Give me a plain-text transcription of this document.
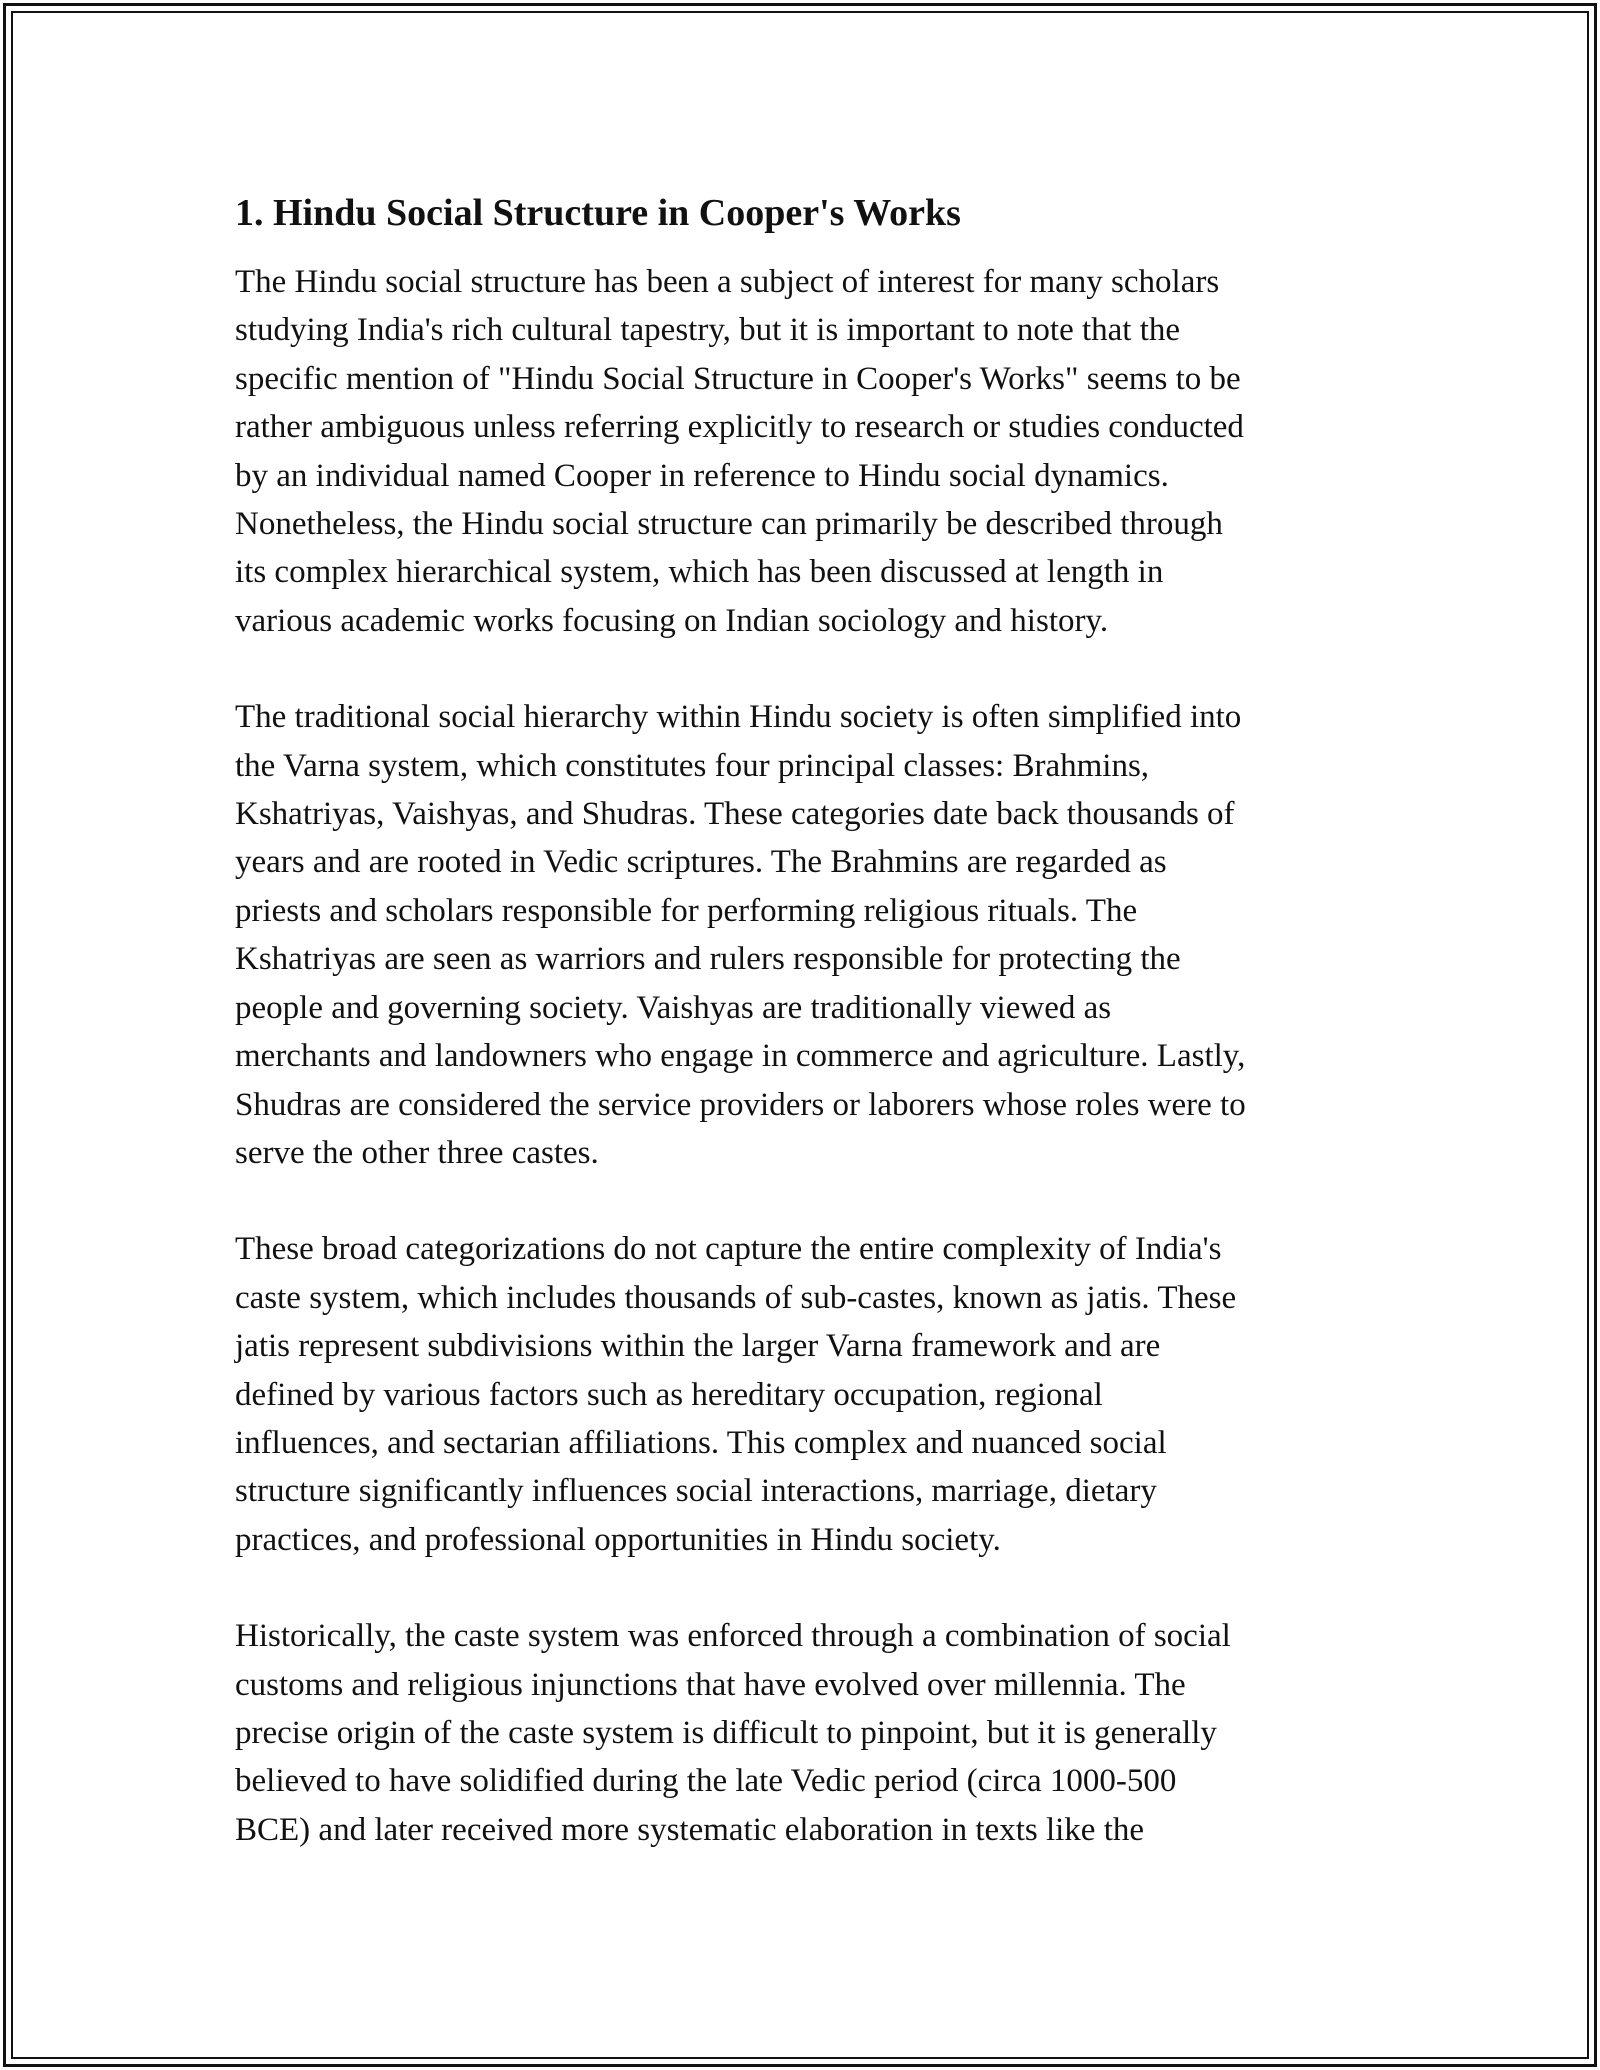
1. Hindu Social Structure in Cooper's Works

The Hindu social structure has been a subject of interest for many scholars
studying India's rich cultural tapestry, but it is important to note that the
specific mention of "Hindu Social Structure in Cooper's Works" seems to be
rather ambiguous unless referring explicitly to research or studies conducted
by an individual named Cooper in reference to Hindu social dynamics.
Nonetheless, the Hindu social structure can primarily be described through
its complex hierarchical system, which has been discussed at length in
various academic works focusing on Indian sociology and history.

The traditional social hierarchy within Hindu society is often simplified into
the Varna system, which constitutes four principal classes: Brahmins,
Kshatriyas, Vaishyas, and Shudras. These categories date back thousands of
years and are rooted in Vedic scriptures. The Brahmins are regarded as
priests and scholars responsible for performing religious rituals. The
Kshatriyas are seen as warriors and rulers responsible for protecting the
people and governing society. Vaishyas are traditionally viewed as
merchants and landowners who engage in commerce and agriculture. Lastly,
Shudras are considered the service providers or laborers whose roles were to
serve the other three castes.

These broad categorizations do not capture the entire complexity of India's
caste system, which includes thousands of sub-castes, known as jatis. These
jatis represent subdivisions within the larger Varna framework and are
defined by various factors such as hereditary occupation, regional
influences, and sectarian affiliations. This complex and nuanced social
structure significantly influences social interactions, marriage, dietary
practices, and professional opportunities in Hindu society.

Historically, the caste system was enforced through a combination of social
customs and religious injunctions that have evolved over millennia. The
precise origin of the caste system is difficult to pinpoint, but it is generally
believed to have solidified during the late Vedic period (circa 1000-500
BCE) and later received more systematic elaboration in texts like the
